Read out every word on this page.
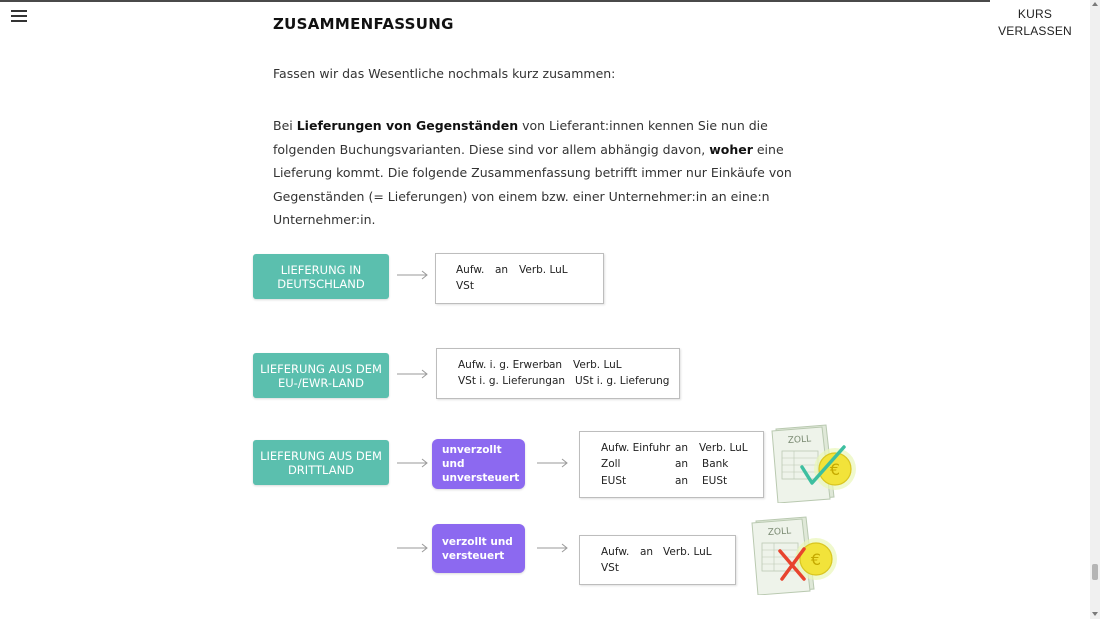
KURS
VERLASSEN
ZUSAMMENFASSUNG

Fassen wir das Wesentliche nochmals kurz zusammen:

Bei Lieferungen von Gegenständen von Lieferant:innen kennen Sie nun die folgenden Buchungsvarianten. Diese sind vor allem abhängig davon, woher eine Lieferung kommt. Die folgende Zusammenfassung betrifft immer nur Einkäufe von Gegenständen (= Lieferungen) von einem bzw. einer Unternehmer:in an eine:n Unternehmer:in.

LIEFERUNG IN
DEUTSCHLAND
Aufw. an Verb. LuL
VSt
LIEFERUNG AUS DEM
EU-/EWR-LAND
Aufw. i. g. Erwerb an Verb. LuL
VSt i. g. Lieferung an USt i. g. Lieferung
LIEFERUNG AUS DEM
DRITTLAND
unverzollt und
unversteuert
Aufw. Einfuhr an Verb. LuL
Zoll	an Bank
EUSt	an EUSt
ZOLL
€
verzollt und
versteuert	Aufw. an Verb. LuL
VSt
ZOLL
€
